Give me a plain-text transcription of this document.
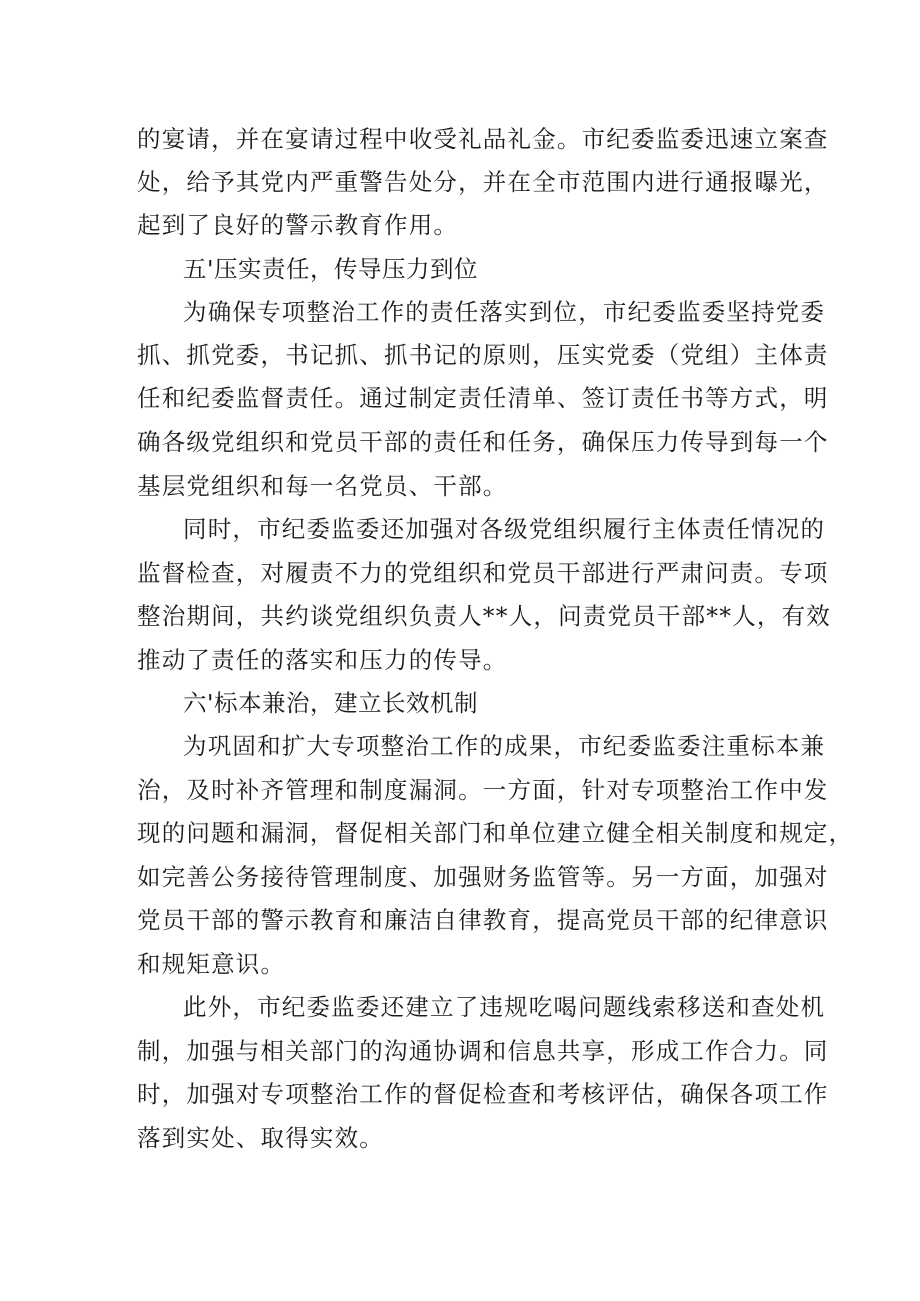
的宴请，并在宴请过程中收受礼品礼金。市纪委监委迅速立案查
处，给予其党内严重警告处分，并在全市范围内进行通报曝光，
起到了良好的警示教育作用。
五'压实责任，传导压力到位
为确保专项整治工作的责任落实到位，市纪委监委坚持党委
抓、抓党委，书记抓、抓书记的原则，压实党委（党组）主体责
任和纪委监督责任。通过制定责任清单、签订责任书等方式，明
确各级党组织和党员干部的责任和任务，确保压力传导到每一个
基层党组织和每一名党员、干部。
同时，市纪委监委还加强对各级党组织履行主体责任情况的
监督检查，对履责不力的党组织和党员干部进行严肃问责。专项
整治期间，共约谈党组织负责人**人，问责党员干部**人，有效
推动了责任的落实和压力的传导。
六'标本兼治，建立长效机制
为巩固和扩大专项整治工作的成果，市纪委监委注重标本兼
治，及时补齐管理和制度漏洞。一方面，针对专项整治工作中发
现的问题和漏洞，督促相关部门和单位建立健全相关制度和规定，
如完善公务接待管理制度、加强财务监管等。另一方面，加强对
党员干部的警示教育和廉洁自律教育，提高党员干部的纪律意识
和规矩意识。
此外，市纪委监委还建立了违规吃喝问题线索移送和查处机
制，加强与相关部门的沟通协调和信息共享，形成工作合力。同
时，加强对专项整治工作的督促检查和考核评估，确保各项工作
落到实处、取得实效。
